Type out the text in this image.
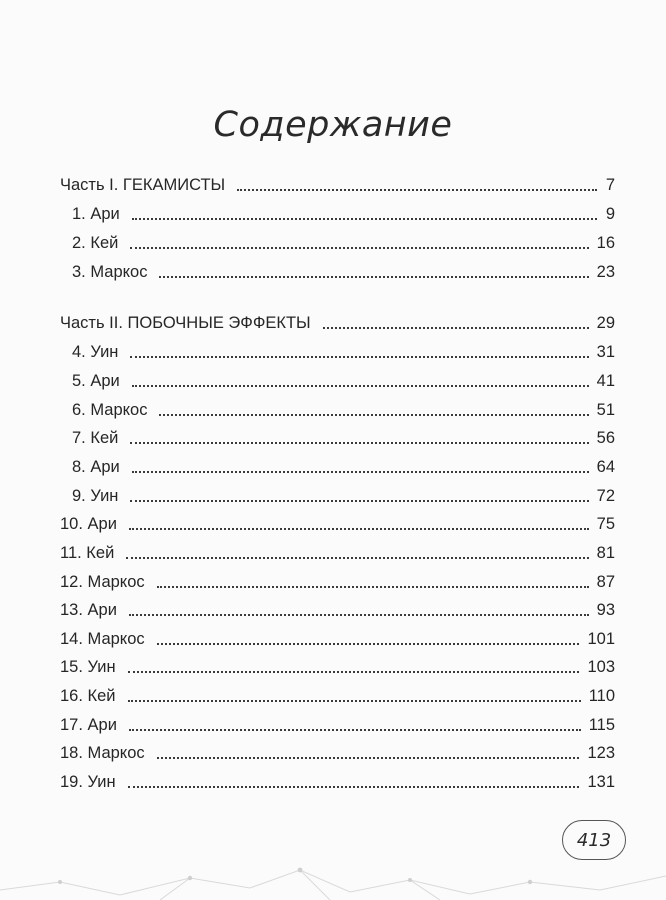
Содержание
Часть I. ГЕКАМИСТЫ	7
1. Ари	9
2. Кей	16
3. Маркос	23
Часть II. ПОБОЧНЫЕ ЭФФЕКТЫ	29
4. Уин	31
5. Ари	41
6. Маркос	51
7. Кей	56
8. Ари	64
9. Уин	72
10. Ари	75
11. Кей	81
12. Маркос	87
13. Ари	93
14. Маркос	101
15. Уин	103
16. Кей	110
17. Ари	115
18. Маркос	123
19. Уин	131
413
